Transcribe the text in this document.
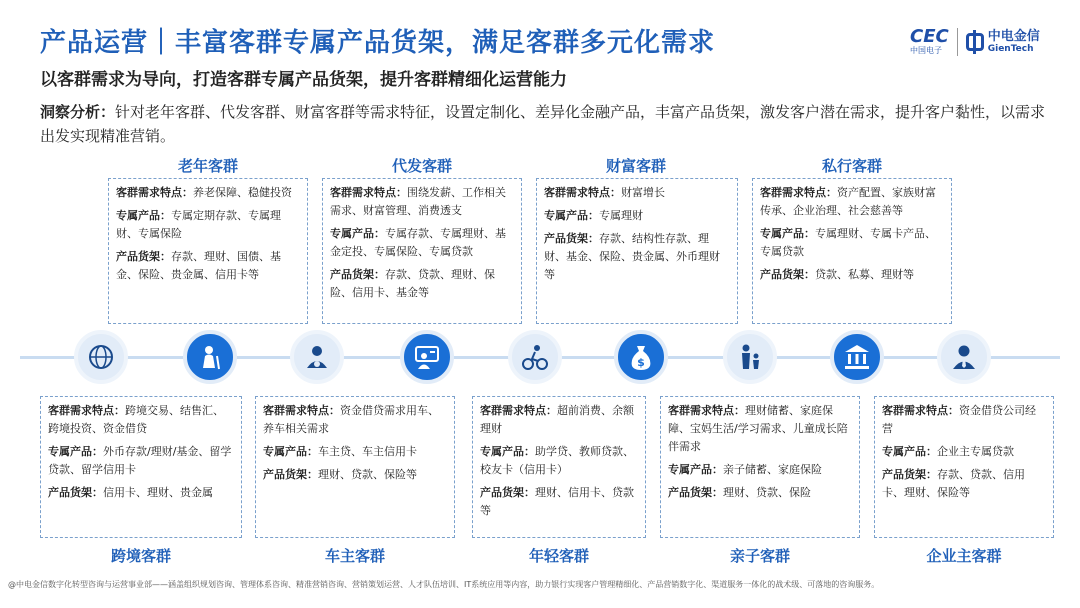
产品运营｜丰富客群专属产品货架，满足客群多元化需求	CEC
中国电子
中电金信
GienTech
以客群需求为导向，打造客群专属产品货架，提升客群精细化运营能力
洞察分析：针对老年客群、代发客群、财富客群等需求特征，设置定制化、差异化金融产品，丰富产品货架，激发客户潜在需求，提升客户黏性，以需求出发实现精准营销。
老年客群	代发客群	财富客群	私行客群

客群需求特点：养老保障、稳健投资

专属产品：专属定期存款、专属理财、专属保险

产品货架：存款、理财、国债、基金、保险、贵金属、信用卡等

客群需求特点：围绕发薪、工作相关需求、财富管理、消费透支

专属产品：专属存款、专属理财、基金定投、专属保险、专属贷款

产品货架：存款、贷款、理财、保险、信用卡、基金等

客群需求特点：财富增长

专属产品：专属理财

产品货架：存款、结构性存款、理财、基金、保险、贵金属、外币理财等

客群需求特点：资产配置、家族财富传承、企业治理、社会慈善等

专属产品：专属理财、专属卡产品、专属贷款

产品货架：贷款、私募、理财等

$

客群需求特点：跨境交易、结售汇、跨境投资、资金借贷

专属产品：外币存款/理财/基金、留学贷款、留学信用卡

产品货架：信用卡、理财、贵金属

客群需求特点：资金借贷需求用车、养车相关需求

专属产品：车主贷、车主信用卡

产品货架：理财、贷款、保险等

客群需求特点：超前消费、余额理财

专属产品：助学贷、教师贷款、校友卡（信用卡）

产品货架：理财、信用卡、贷款等

客群需求特点：理财储蓄、家庭保障、宝妈生活/学习需求、儿童成长陪伴需求

专属产品：亲子储蓄、家庭保险

产品货架：理财、贷款、保险

客群需求特点：资金借贷公司经营

专属产品：企业主专属贷款

产品货架：存款、贷款、信用卡、理财、保险等

跨境客群	车主客群	年轻客群	亲子客群	企业主客群
@中电金信数字化转型咨询与运营事业部——涵盖组织规划咨询、管理体系咨询、精准营销咨询、营销策划运营、人才队伍培训、IT系统应用等内容，助力银行实现客户管理精细化、产品营销数字化、渠道服务一体化的战术级、可落地的咨询服务。
